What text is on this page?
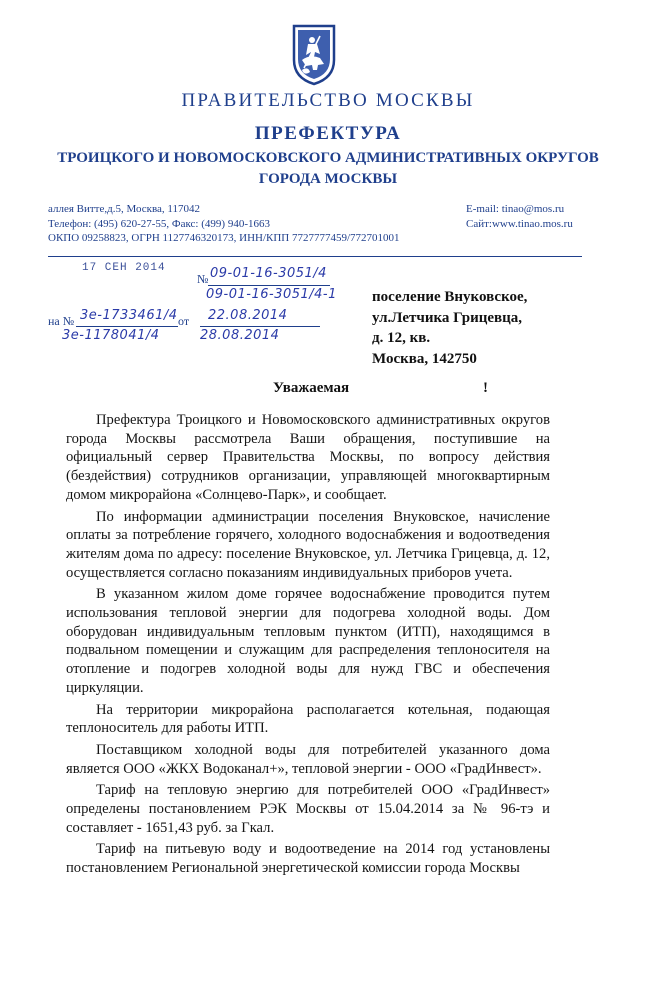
ПРАВИТЕЛЬСТВО МОСКВЫ
ПРЕФЕКТУРА
ТРОИЦКОГО И НОВОМОСКОВСКОГО АДМИНИСТРАТИВНЫХ ОКРУГОВ
ГОРОДА МОСКВЫ
аллея Витте,д.5, Москва, 117042
Телефон: (495) 620-27-55, Факс: (499) 940-1663
ОКПО 09258823, ОГРН 1127746320173, ИНН/КПП 7727777459/772701001
E-mail: tinao@mos.ru
Сайт:www.tinao.mos.ru
17 СЕН 2014
№ 09-01-16-3051/4
09-01-16-3051/4-1
на № 3е-1733461/4 от 22.08.2014
3е-1178041/4	28.08.2014
поселение Внуковское,
ул.Летчика Грицевца,
д. 12, кв.
Москва, 142750
Уважаемая	!

Префектура Троицкого и Новомосковского административных округов города Москвы рассмотрела Ваши обращения, поступившие на официальный сервер Правительства Москвы, по вопросу действия (бездействия) сотрудников организации, управляющей многоквартирным домом микрорайона «Солнцево-Парк», и сообщает.

По информации администрации поселения Внуковское, начисление оплаты за потребление горячего, холодного водоснабжения и водоотведения жителям дома по адресу: поселение Внуковское, ул. Летчика Грицевца, д. 12, осуществляется согласно показаниям индивидуальных приборов учета.

В указанном жилом доме горячее водоснабжение проводится путем использования тепловой энергии для подогрева холодной воды. Дом оборудован индивидуальным тепловым пунктом (ИТП), находящимся в подвальном помещении и служащим для распределения теплоносителя на отопление и подогрев холодной воды для нужд ГВС и обеспечения циркуляции.

На территории микрорайона располагается котельная, подающая теплоноситель для работы ИТП.

Поставщиком холодной воды для потребителей указанного дома является ООО «ЖКХ Водоканал+», тепловой энергии - ООО «ГрадИнвест».

Тариф на тепловую энергию для потребителей ООО «ГрадИнвест» определены постановлением РЭК Москвы от 15.04.2014 за № 96-тэ и составляет - 1651,43 руб. за Гкал.

Тариф на питьевую воду и водоотведение на 2014 год установлены постановлением Региональной энергетической комиссии города Москвы
